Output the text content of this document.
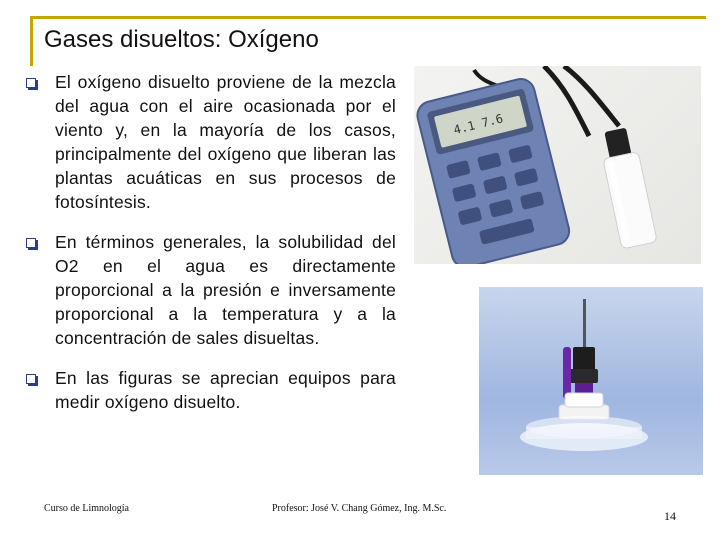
Gases disueltos: Oxígeno
El oxígeno disuelto proviene de la mezcla del agua con el aire ocasionada por el viento y, en la mayoría de los casos, principalmente del oxígeno que liberan las plantas acuáticas en sus procesos de fotosíntesis.
En términos generales, la solubilidad del O2 en el agua es directamente proporcional a la presión e inversamente proporcional a la temperatura y a la concentración de sales disueltas.
En las figuras se aprecian equipos para medir oxígeno disuelto.
4.1 7.6
Curso de Limnología	Profesor: José V. Chang Gómez, Ing. M.Sc.
14
